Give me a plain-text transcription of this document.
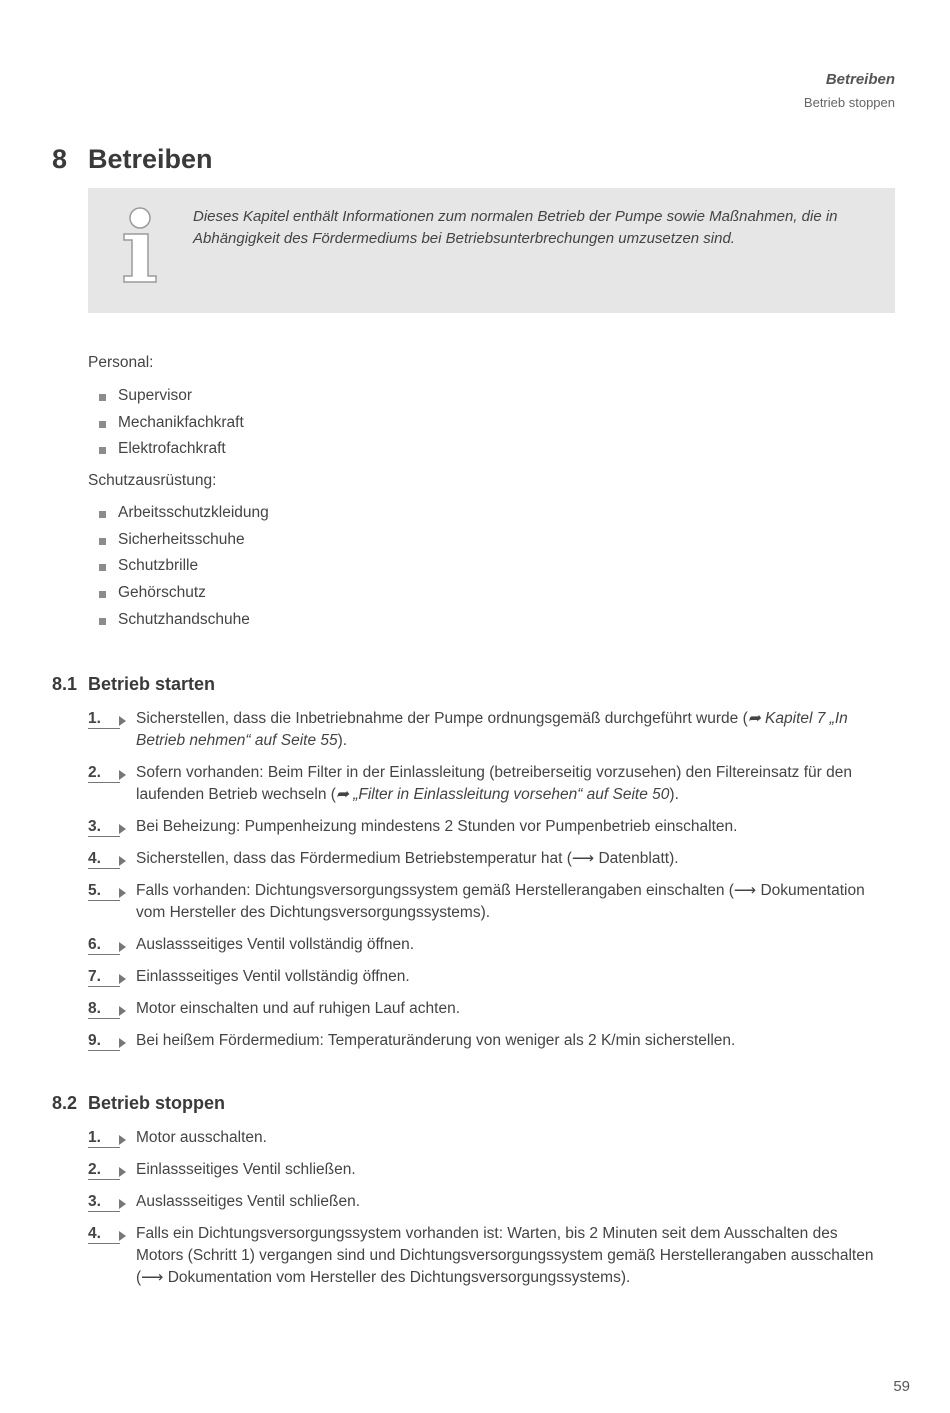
Betreiben
Betrieb stoppen
8 Betreiben
Dieses Kapitel enthält Informationen zum normalen Betrieb der Pumpe sowie Maßnahmen, die in Abhängigkeit des Fördermediums bei Betriebsunterbrechungen umzusetzen sind.
Personal:
Supervisor
Mechanikfachkraft
Elektrofachkraft
Schutzausrüstung:
Arbeitsschutzkleidung
Sicherheitsschuhe
Schutzbrille
Gehörschutz
Schutzhandschuhe
8.1 Betrieb starten
1. Sicherstellen, dass die Inbetriebnahme der Pumpe ordnungsgemäß durchgeführt wurde (➦ Kapitel 7 „In Betrieb nehmen“ auf Seite 55).
2. Sofern vorhanden: Beim Filter in der Einlassleitung (betreiberseitig vorzusehen) den Filtereinsatz für den laufenden Betrieb wechseln (➦ „Filter in Einlassleitung vorsehen“ auf Seite 50).
3. Bei Beheizung: Pumpenheizung mindestens 2 Stunden vor Pumpenbetrieb einschalten.
4. Sicherstellen, dass das Fördermedium Betriebstemperatur hat (⟶ Datenblatt).
5. Falls vorhanden: Dichtungsversorgungssystem gemäß Herstellerangaben einschalten (⟶ Dokumentation vom Hersteller des Dichtungsversorgungssystems).
6. Auslassseitiges Ventil vollständig öffnen.
7. Einlassseitiges Ventil vollständig öffnen.
8. Motor einschalten und auf ruhigen Lauf achten.
9. Bei heißem Fördermedium: Temperaturänderung von weniger als 2 K/min sicherstellen.
8.2 Betrieb stoppen
1. Motor ausschalten.
2. Einlassseitiges Ventil schließen.
3. Auslassseitiges Ventil schließen.
4. Falls ein Dichtungsversorgungssystem vorhanden ist: Warten, bis 2 Minuten seit dem Ausschalten des Motors (Schritt 1) vergangen sind und Dichtungsversorgungssystem gemäß Herstellerangaben ausschalten (⟶ Dokumentation vom Hersteller des Dichtungsversorgungssystems).
59
